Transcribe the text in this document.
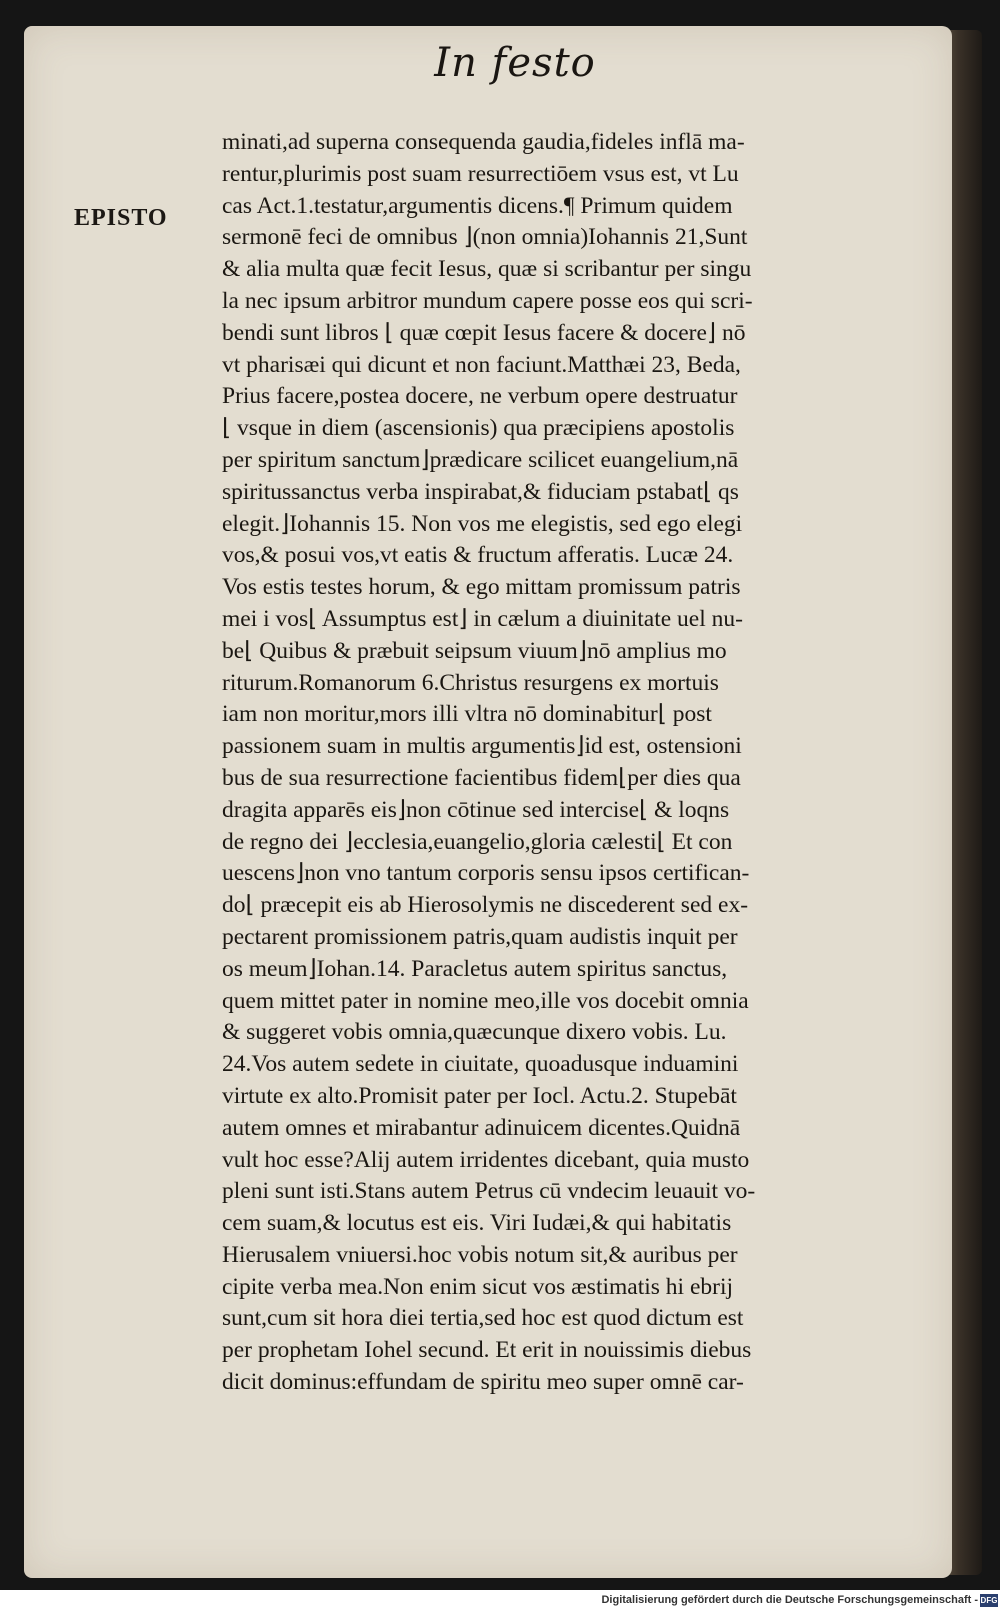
In festo
EPISTO
minati,ad superna consequenda gaudia,fideles inflā ma-
rentur,plurimis post suam resurrectiōem vsus est, vt Lu
cas Act.1.testatur,argumentis dicens.¶ Primum quidem
sermonē feci de omnibus ⌋(non omnia)Iohannis 21,Sunt
& alia multa quæ fecit Iesus, quæ si scribantur per singu
la nec ipsum arbitror mundum capere posse eos qui scri-
bendi sunt libros ⌊ quæ cœpit Iesus facere & docere⌋ nō
vt pharisæi qui dicunt et non faciunt.Matthæi 23, Beda,
Prius facere,postea docere, ne verbum opere destruatur
⌊ vsque in diem (ascensionis) qua præcipiens apostolis
per spiritum sanctum⌋prædicare scilicet euangelium,nā
spiritussanctus verba inspirabat,& fiduciam pstabat⌊ qs
elegit.⌋Iohannis 15. Non vos me elegistis, sed ego elegi
vos,& posui vos,vt eatis & fructum afferatis. Lucæ 24.
Vos estis testes horum, & ego mittam promissum patris
mei i vos⌊ Assumptus est⌋ in cælum a diuinitate uel nu-
be⌊ Quibus & præbuit seipsum viuum⌋nō amplius mo
riturum.Romanorum 6.Christus resurgens ex mortuis
iam non moritur,mors illi vltra nō dominabitur⌊ post
passionem suam in multis argumentis⌋id est, ostensioni
bus de sua resurrectione facientibus fidem⌊per dies qua
dragita apparēs eis⌋non cōtinue sed intercise⌊ & loqns
de regno dei ⌋ecclesia,euangelio,gloria cælesti⌊ Et con
uescens⌋non vno tantum corporis sensu ipsos certifican-
do⌊ præcepit eis ab Hierosolymis ne discederent sed ex-
pectarent promissionem patris,quam audistis inquit per
os meum⌋Iohan.14. Paracletus autem spiritus sanctus,
quem mittet pater in nomine meo,ille vos docebit omnia
& suggeret vobis omnia,quæcunque dixero vobis. Lu.
24.Vos autem sedete in ciuitate, quoadusque induamini
virtute ex alto.Promisit pater per Iocl. Actu.2. Stupebāt
autem omnes et mirabantur adinuicem dicentes.Quidnā
vult hoc esse?Alij autem irridentes dicebant, quia musto
pleni sunt isti.Stans autem Petrus cū vndecim leuauit vo-
cem suam,& locutus est eis. Viri Iudæi,& qui habitatis
Hierusalem vniuersi.hoc vobis notum sit,& auribus per
cipite verba mea.Non enim sicut vos æstimatis hi ebrij
sunt,cum sit hora diei tertia,sed hoc est quod dictum est
per prophetam Iohel secund. Et erit in nouissimis diebus
dicit dominus:effundam de spiritu meo super omnē car-
Digitalisierung gefördert durch die Deutsche Forschungsgemeinschaft - DFG
